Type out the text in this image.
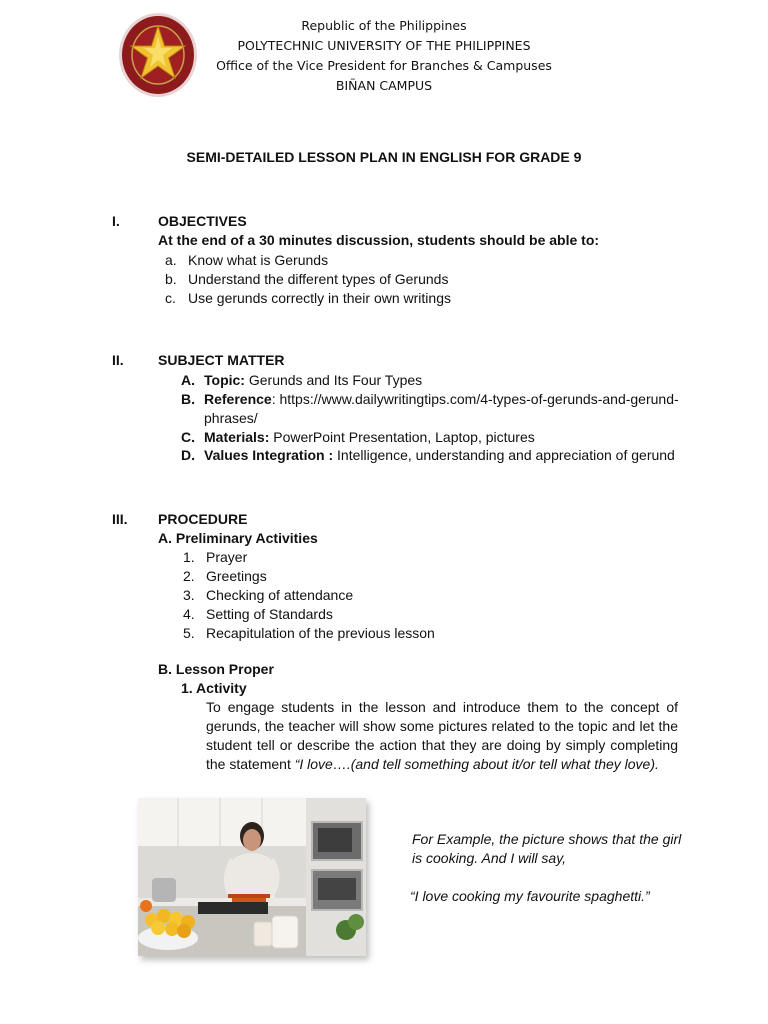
Republic of the Philippines
POLYTECHNIC UNIVERSITY OF THE PHILIPPINES
Office of the Vice President for Branches & Campuses
BIÑAN CAMPUS
SEMI-DETAILED LESSON PLAN IN ENGLISH FOR GRADE 9
I.	OBJECTIVES
At the end of a 30 minutes discussion, students should be able to:
a. Know what is Gerunds
b. Understand the different types of Gerunds
c. Use gerunds correctly in their own writings
II. SUBJECT MATTER
A. Topic: Gerunds and Its Four Types
B. Reference: https://www.dailywritingtips.com/4-types-of-gerunds-and-gerund-
phrases/
C. Materials: PowerPoint Presentation, Laptop, pictures
D. Values Integration : Intelligence, understanding and appreciation of gerund
III. PROCEDURE
A. Preliminary Activities
1. Prayer
2. Greetings
3. Checking of attendance
4. Setting of Standards
5. Recapitulation of the previous lesson
B. Lesson Proper
1. Activity
To engage students in the lesson and introduce them to the concept of gerunds, the teacher will show some pictures related to the topic and let the student tell or describe the action that they are doing by simply completing the statement “I love….(and tell something about it/or tell what they love).
For Example, the picture shows that the girl
is cooking. And I will say,
“I love cooking my favourite spaghetti.”
